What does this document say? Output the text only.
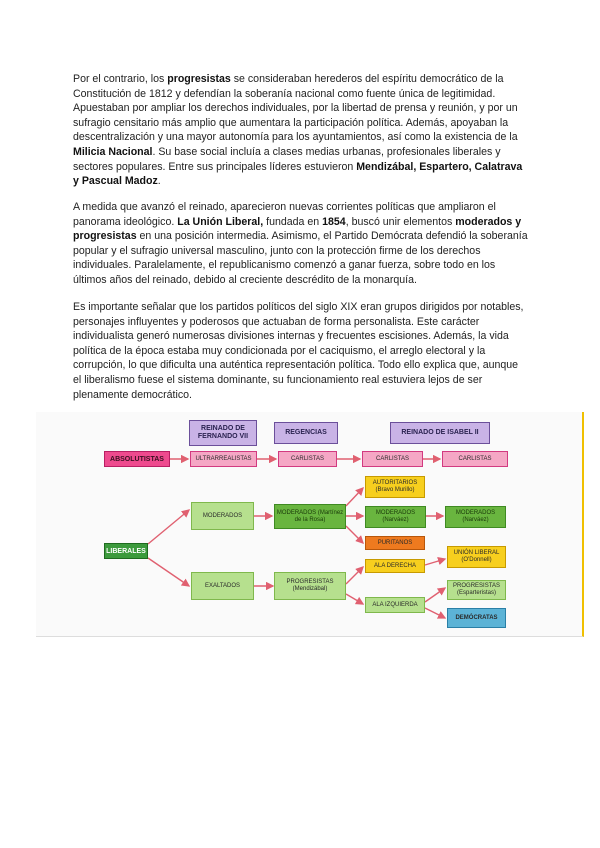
Por el contrario, los progresistas se consideraban herederos del espíritu democrático de la Constitución de 1812 y defendían la soberanía nacional como fuente única de legitimidad. Apuestaban por ampliar los derechos individuales, por la libertad de prensa y reunión, y por un sufragio censitario más amplio que aumentara la participación política. Además, apoyaban la descentralización y una mayor autonomía para los ayuntamientos, así como la existencia de la Milicia Nacional. Su base social incluía a clases medias urbanas, profesionales liberales y sectores populares. Entre sus principales líderes estuvieron Mendizábal, Espartero, Calatrava y Pascual Madoz.

A medida que avanzó el reinado, aparecieron nuevas corrientes políticas que ampliaron el panorama ideológico. La Unión Liberal, fundada en 1854, buscó unir elementos moderados y progresistas en una posición intermedia. Asimismo, el Partido Demócrata defendió la soberanía popular y el sufragio universal masculino, junto con la protección firme de los derechos individuales. Paralelamente, el republicanismo comenzó a ganar fuerza, sobre todo en los últimos años del reinado, debido al creciente descrédito de la monarquía.

Es importante señalar que los partidos políticos del siglo XIX eran grupos dirigidos por notables, personajes influyentes y poderosos que actuaban de forma personalista. Este carácter individualista generó numerosas divisiones internas y frecuentes escisiones. Además, la vida política de la época estaba muy condicionada por el caciquismo, el arreglo electoral y la corrupción, lo que dificulta una auténtica representación política. Todo ello explica que, aunque el liberalismo fuese el sistema dominante, su funcionamiento real estuviera lejos de ser plenamente democrático.

REINADO DE FERNANDO VII
REGENCIAS	REINADO DE ISABEL II
ABSOLUTISTAS	ULTRARREALISTAS	CARLISTAS	CARLISTAS	CARLISTAS
LIBERALES
MODERADOS
EXALTADOS
MODERADOS (Martínez de la Rosa)
PROGRESISTAS (Mendizábal)
AUTORITARIOS (Bravo Murillo)
MODERADOS (Narváez)
PURITANOS
ALA DERECHA
ALA IZQUIERDA
MODERADOS (Narváez)
UNIÓN LIBERAL (O'Donnell)
PROGRESISTAS (Esparteristas)
DEMÓCRATAS
